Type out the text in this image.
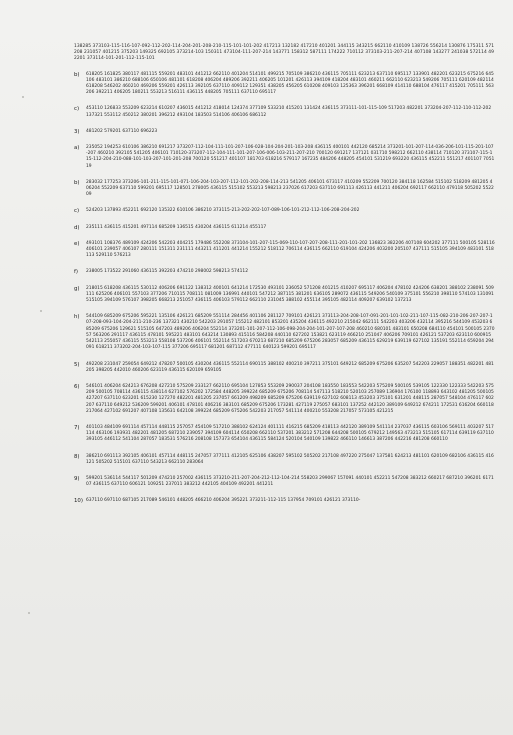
138285 373103-115-116-107-092-112-202-114-204-201-208-210-115-101-101-202 417213 132182 417210 401201 344115 343215 662110 410109 138726 556214 130876 175311 571208 231057 401215 375203 149325 692105 373214-103 150311 473104-111-207-214 143771 158312 587111 174222 710112 373103-211-207-214 407108 143277 241038 572114 492201 373114-101-201-112-115-101
b) 618205 161825 380117 481115 559201 483101 441212 662110 401204 514101 499215 705109 386210 436115 705111 623213 637110 695117 133901 482201 623215 675216 645106 483101 386210 688106 650106 481101 618208 406204 489206 392211 406205 101201 426113 394109 418204 483101 460211 662110 623213 549206 705111 620109 482114 618208 546202 460210 469206 559201 426113 392105 637110 409112 129351 438205 456205 610208 409103 125363 396201 668109 414110 688104 476117 415201 705111 563206 392211 406205 180211 553213 516111 436115 448205 705111 637110 695117
c) 453110 126833 553209 623214 610207 436015 441212 418014 124374 377109 533210 415201 131424 436115 373111-101-115-109 517203 482201 373204-207-112-110-112-202 137321 553112 450212 380201 396212 493104 183503 514106 406106 686112
3) 481202 579201 637110 696223
a) 235052 194253 610106 386210 691217 373207-112-104-111-101-207-106-028-104-204-201-103-208 436115 400101 442120 685214 373201-101-207-114-036-206-101-115-201-107-207 460210 392105 541205 406101 710120-373207-112-104-111-101-207-106-006-103-211-207-210 700120 691217 137121 031710 598212 662110 438114 710120 373107-115-115-112-204-210-088-101-103-207-101-201-208 700120 551217 401107 181703 618216 579117 167235 484206 448205 454101 531219 693220 436115 452211 551217 401107 705119
b) 283032 177253 373206-101-211-115-101-071-106-204-103-207-112-101-202-208-114-213 541205 406101 673117 410209 552209 700120 384118 162584 515102 518209 481205 406204 552209 637110 599201 695117 128501 278005 436115 515102 553213 598213 237026 617203 637110 691113 426113 441211 406204 692117 662110 479118 505202 552209
c) 524203 137893 452211 692120 135322 610106 386210 373115-213-202-202-107-089-106-101-212-112-106-208-204-202
d) 235111 436115 415201 497114 685209 136515 430204 436115 611214 455117
e) 493101 108376 489109 424206 542203 404215 179486 552208 373104-101-207-115-069-110-107-207-208-111-201-101-202 136823 382206 407108 604202 377111 500105 528116 406101 239057 406107 280111 151311 231111 443211 411201 441214 155212 518112 706114 436115 662110 619104 424206 403200 205107 437111 515105 394109 483101 518113 529110 576213
f) 238005 173522 291060 436115 392203 474210 298002 598213 574112
g) 218015 618208 436115 530112 406206 691122 138312 400101 641214 172530 493101 236052 571208 401215 410207 695117 406204 478102 424206 638201 388102 238091 509111 625206 406101 557103 377206 710115 708111 081009 136991 440101 547212 387115 381201 636105 289072 436115 549206 540109 375101 556210 398110 574103 131091 515105 394109 576107 398205 668213 251057 436115 406103 579112 662110 231045 388102 455114 395105 482114 409207 639102 137213
h) 544109 685209 675206 595221 135106 426121 685209 551114 284456 401106 281127 709101 426121 373113-204-208-107-091-201-101-102-211-107-115-082-210-206-207-207-107-208-093-104-204-211-210-236 137321 430210 542203 291057 155212 482101 853201 435204 436115 492210 215042 662111 542203 403206 432114 395216 544109 453203 685209 675206 129621 515105 647203 489206 406204 552114 373201-101-207-112-106-098-204-204-101-207-107-208 460210 680101 483101 650208 684110 454101 500105 237057 563206 291117 436115 478101 595221 483101 643214 130893 415116 584208 440110 627202 153821 623119 466210 251047 406206 709101 426121 537203 623110 600915 542113 255057 436115 553213 558108 537206 406101 552114 517203 670213 687210 685209 675206 283057 685209 436115 629219 639119 627102 135191 552114 659204 294091 618211 373202-204-103-107-115 377206 695117 681201 687112 477111 640123 599201 695117
5) 492208 231047 259054 649212 478207 500105 430204 436115 552114 690115 388102 400210 397211 375101 649212 685209 675206 635207 542203 229057 188351 482201 481205 398205 442010 460206 623119 436115 620109 659105
6) 546101 406204 624213 676208 427210 575209 233127 662110 695104 127853 553209 290037 204108 183550 183553 542203 575209 500105 539105 122330 122333 542203 575209 500105 708114 436115 438114 627102 576202 172584 448205 399224 685209 675206 708114 547113 518210 520103 257089 136904 176100 118893 643102 481205 500105 427207 637110 623201 615230 127270 482201 481205 237057 661209 498209 685209 675206 639119 627102 608113 453203 375101 631201 448115 287057 548104 476117 602207 637110 649212 536209 599201 406101 478101 406216 383101 685209 675206 173281 427119 275057 683101 137252 442120 389109 649212 674211 172531 616204 660118 217064 427102 691207 407108 135631 642108 399224 685209 675206 542203 217057 541114 400210 553208 217057 573105 421215
7) 401103 484109 691114 457114 448115 257057 454109 517210 388102 624124 401111 416215 685209 418113 442120 389109 541114 237037 436115 603106 569111 403207 517114 463106 193931 482201 481205 687210 239057 394109 604114 650208 662110 537201 383212 571208 644208 500105 679212 149563 473213 515105 617114 639119 637110 393105 446112 541104 287057 183531 576216 208108 157373 654104 436115 584124 520104 540109 139822 466110 146613 387206 442216 481208 660110
8) 386210 691113 392105 406101 457114 448115 247057 377111 412105 625106 438207 595102 505202 217108 497220 275047 137581 624213 481101 620109 682106 436115 416121 505202 515101 637110 543213 662110 283064
9) 599201 536114 544117 501209 474210 257002 436115 373210-211-207-204-212-112-104-214 558203 299067 157091 440101 452211 547208 383212 660217 687210 396201 617107 436115 637110 606121 109251 237011 383212 442105 404109 492201 441211
10) 637110 697110 687105 217089 546101 448205 466210 406204 395221 373211-112-115 137954 709101 426121 373110-
